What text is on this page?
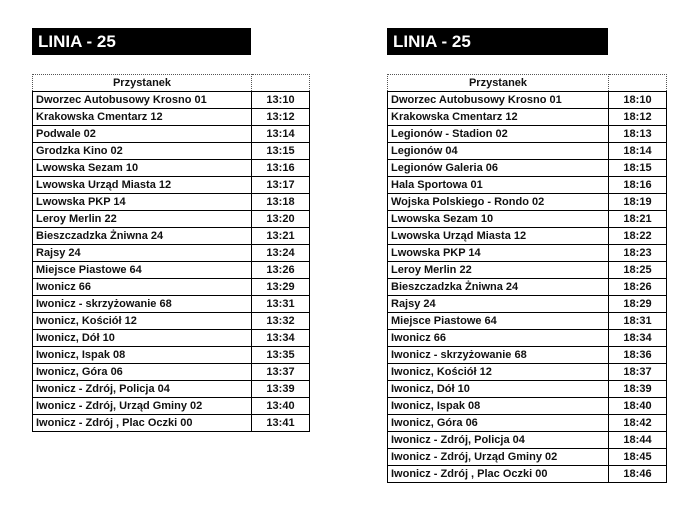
LINIA - 25
Przystanek	
Dworzec Autobusowy Krosno 01	13:10
Krakowska Cmentarz 12	13:12
Podwale 02	13:14
Grodzka Kino 02	13:15
Lwowska Sezam 10	13:16
Lwowska Urząd Miasta 12	13:17
Lwowska PKP 14	13:18
Leroy Merlin 22	13:20
Bieszczadzka Żniwna 24	13:21
Rajsy 24	13:24
Miejsce Piastowe 64	13:26
Iwonicz 66	13:29
Iwonicz - skrzyżowanie 68	13:31
Iwonicz, Kościół 12	13:32
Iwonicz, Dół 10	13:34
Iwonicz, Ispak 08	13:35
Iwonicz, Góra 06	13:37
Iwonicz - Zdrój, Policja 04	13:39
Iwonicz - Zdrój, Urząd Gminy 02	13:40
Iwonicz - Zdrój , Plac Oczki 00	13:41
LINIA - 25
Przystanek	
Dworzec Autobusowy Krosno 01	18:10
Krakowska Cmentarz 12	18:12
Legionów - Stadion 02	18:13
Legionów 04	18:14
Legionów Galeria 06	18:15
Hala Sportowa 01	18:16
Wojska Polskiego - Rondo 02	18:19
Lwowska Sezam 10	18:21
Lwowska Urząd Miasta 12	18:22
Lwowska PKP 14	18:23
Leroy Merlin 22	18:25
Bieszczadzka Żniwna 24	18:26
Rajsy 24	18:29
Miejsce Piastowe 64	18:31
Iwonicz 66	18:34
Iwonicz - skrzyżowanie 68	18:36
Iwonicz, Kościół 12	18:37
Iwonicz, Dół 10	18:39
Iwonicz, Ispak 08	18:40
Iwonicz, Góra 06	18:42
Iwonicz - Zdrój, Policja 04	18:44
Iwonicz - Zdrój, Urząd Gminy 02	18:45
Iwonicz - Zdrój , Plac Oczki 00	18:46
